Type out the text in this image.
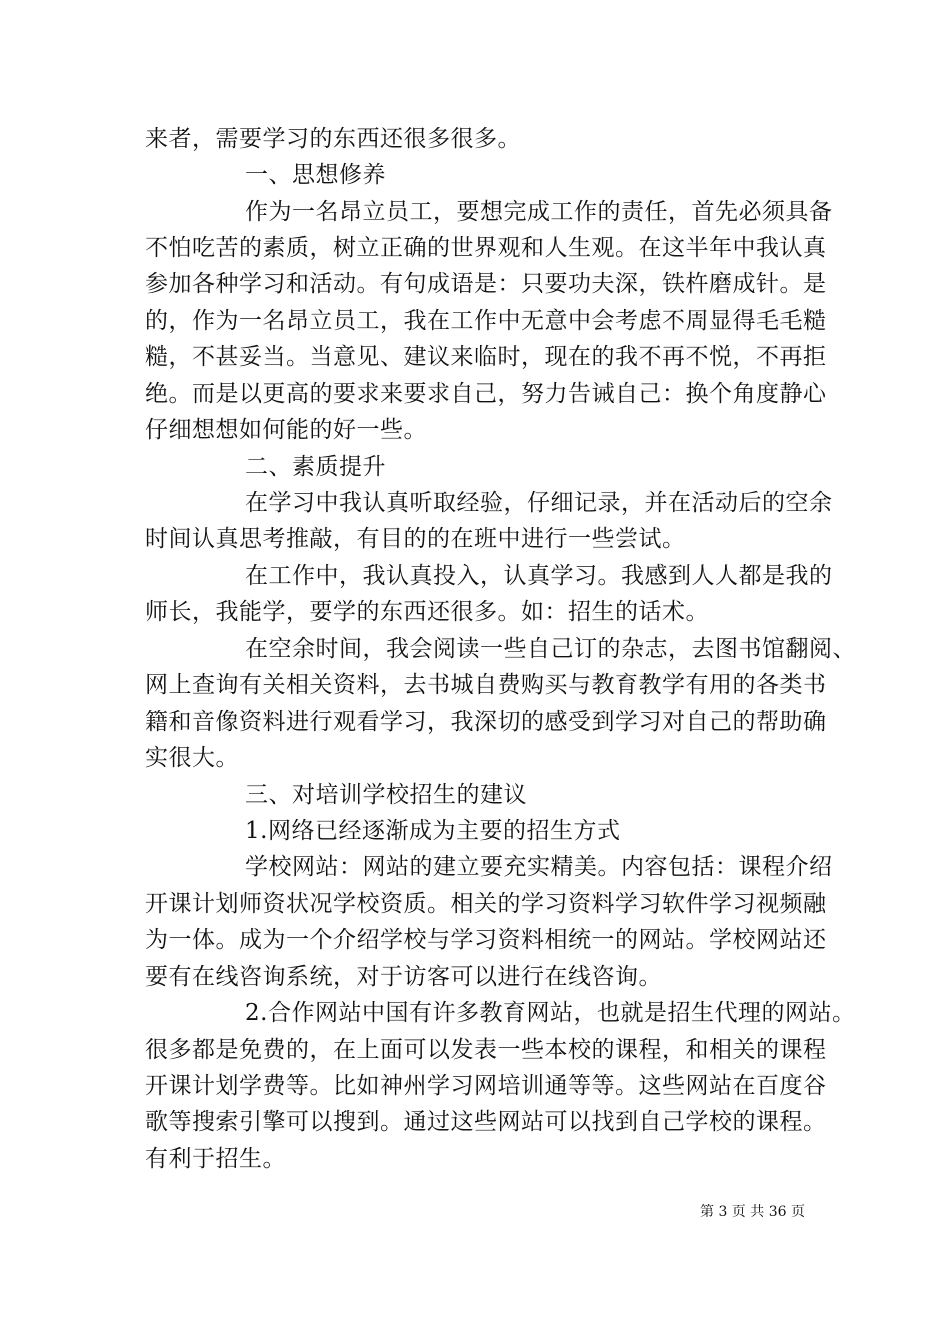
来者，需要学习的东西还很多很多。
一、思想修养
作为一名昂立员工，要想完成工作的责任，首先必须具备
不怕吃苦的素质，树立正确的世界观和人生观。在这半年中我认真
参加各种学习和活动。有句成语是：只要功夫深，铁杵磨成针。是
的，作为一名昂立员工，我在工作中无意中会考虑不周显得毛毛糙
糙，不甚妥当。当意见、建议来临时，现在的我不再不悦，不再拒
绝。而是以更高的要求来要求自己，努力告诫自己：换个角度静心
仔细想想如何能的好一些。
二、素质提升
在学习中我认真听取经验，仔细记录，并在活动后的空余
时间认真思考推敲，有目的的在班中进行一些尝试。
在工作中，我认真投入，认真学习。我感到人人都是我的
师长，我能学，要学的东西还很多。如：招生的话术。
在空余时间，我会阅读一些自己订的杂志，去图书馆翻阅、
网上查询有关相关资料，去书城自费购买与教育教学有用的各类书
籍和音像资料进行观看学习，我深切的感受到学习对自己的帮助确
实很大。
三、对培训学校招生的建议
1.网络已经逐渐成为主要的招生方式
学校网站：网站的建立要充实精美。内容包括：课程介绍
开课计划师资状况学校资质。相关的学习资料学习软件学习视频融
为一体。成为一个介绍学校与学习资料相统一的网站。学校网站还
要有在线咨询系统，对于访客可以进行在线咨询。
2.合作网站中国有许多教育网站，也就是招生代理的网站。
很多都是免费的，在上面可以发表一些本校的课程，和相关的课程
开课计划学费等。比如神州学习网培训通等等。这些网站在百度谷
歌等搜索引擎可以搜到。通过这些网站可以找到自己学校的课程。
有利于招生。
第 3 页 共 36 页
